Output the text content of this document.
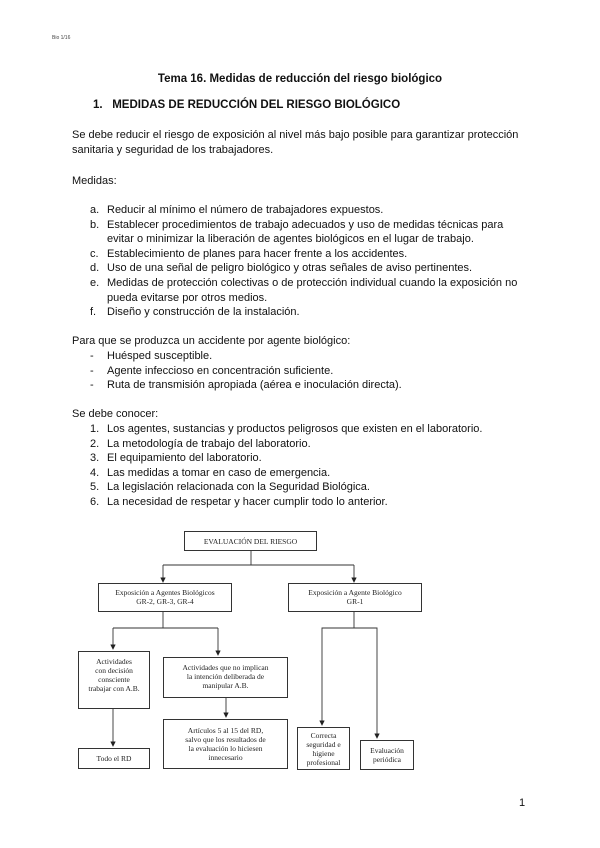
Bio 1/16
Tema 16. Medidas de reducción del riesgo biológico
1. MEDIDAS DE REDUCCIÓN DEL RIESGO BIOLÓGICO
Se debe reducir el riesgo de exposición al nivel más bajo posible para garantizar protección
sanitaria y seguridad de los trabajadores.
Medidas:
a. Reducir al mínimo el número de trabajadores expuestos.
b. Establecer procedimientos de trabajo adecuados y uso de medidas técnicas para
evitar o minimizar la liberación de agentes biológicos en el lugar de trabajo.
c. Establecimiento de planes para hacer frente a los accidentes.
d. Uso de una señal de peligro biológico y otras señales de aviso pertinentes.
e. Medidas de protección colectivas o de protección individual cuando la exposición no
pueda evitarse por otros medios.
f. Diseño y construcción de la instalación.
Para que se produzca un accidente por agente biológico:
- Huésped susceptible.
- Agente infeccioso en concentración suficiente.
- Ruta de transmisión apropiada (aérea e inoculación directa).
Se debe conocer:
1. Los agentes, sustancias y productos peligrosos que existen en el laboratorio.
2. La metodología de trabajo del laboratorio.
3. El equipamiento del laboratorio.
4. Las medidas a tomar en caso de emergencia.
5. La legislación relacionada con la Seguridad Biológica.
6. La necesidad de respetar y hacer cumplir todo lo anterior.
EVALUACIÓN DEL RIESGO
Exposición a Agentes Biológicos
GR-2, GR-3, GR-4
Exposición a Agente Biológico
GR-1
Actividades
con decisión
consciente
trabajar con A.B.
Actividades que no implican
la intención deliberada de
manipular A.B.
Artículos 5 al 15 del RD,
salvo que los resultados de
la evaluación lo hiciesen
innecesario
Todo el RD
Correcta
seguridad e
higiene
profesional
Evaluación
periódica
1
